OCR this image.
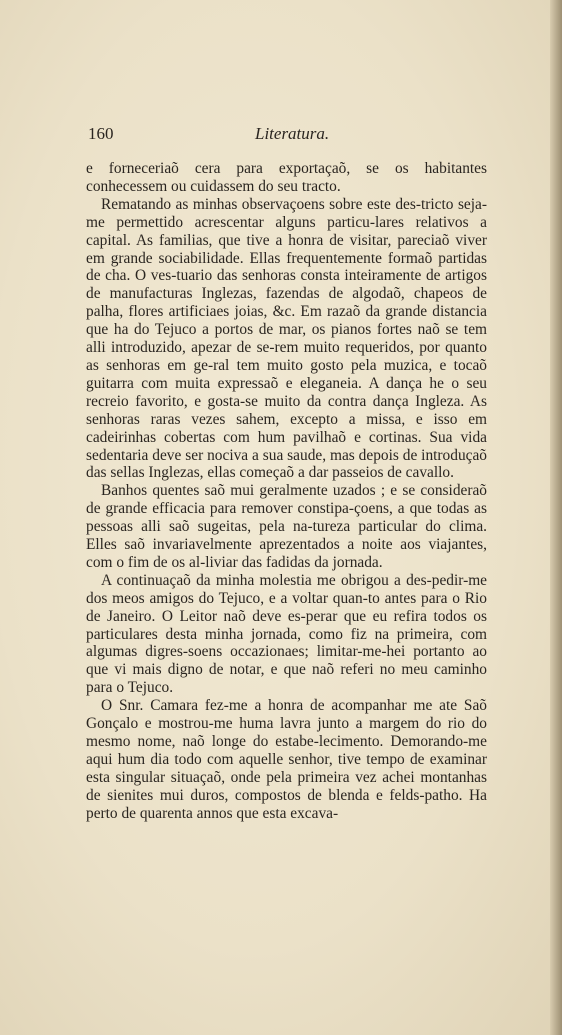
160	Literatura.

e forneceriaõ cera para exportaçaõ, se os habitantes conhecessem ou cuidassem do seu tracto.

Rematando as minhas observaçoens sobre este des-tricto seja-me permettido acrescentar alguns particu-lares relativos a capital. As familias, que tive a honra de visitar, pareciaõ viver em grande sociabilidade. Ellas frequentemente formaõ partidas de cha. O ves-tuario das senhoras consta inteiramente de artigos de manufacturas Inglezas, fazendas de algodaõ, chapeos de palha, flores artificiaes joias, &c. Em razaõ da grande distancia que ha do Tejuco a portos de mar, os pianos fortes naõ se tem alli introduzido, apezar de se-rem muito requeridos, por quanto as senhoras em ge-ral tem muito gosto pela muzica, e tocaõ guitarra com muita expressaõ e eleganeia. A dança he o seu recreio favorito, e gosta-se muito da contra dança Ingleza. As senhoras raras vezes sahem, excepto a missa, e isso em cadeirinhas cobertas com hum pavilhaõ e cortinas. Sua vida sedentaria deve ser nociva a sua saude, mas depois de introduçaõ das sellas Inglezas, ellas começaõ a dar passeios de cavallo.

Banhos quentes saõ mui geralmente uzados ; e se consideraõ de grande efficacia para remover constipa-çoens, a que todas as pessoas alli saõ sugeitas, pela na-tureza particular do clima. Elles saõ invariavelmente aprezentados a noite aos viajantes, com o fim de os al-liviar das fadidas da jornada.

A continuaçaõ da minha molestia me obrigou a des-pedir-me dos meos amigos do Tejuco, e a voltar quan-to antes para o Rio de Janeiro. O Leitor naõ deve es-perar que eu refira todos os particulares desta minha jornada, como fiz na primeira, com algumas digres-soens occazionaes; limitar-me-hei portanto ao que vi mais digno de notar, e que naõ referi no meu caminho para o Tejuco.

O Snr. Camara fez-me a honra de acompanhar me ate Saõ Gonçalo e mostrou-me huma lavra junto a margem do rio do mesmo nome, naõ longe do estabe-lecimento. Demorando-me aqui hum dia todo com aquelle senhor, tive tempo de examinar esta singular situaçaõ, onde pela primeira vez achei montanhas de sienites mui duros, compostos de blenda e felds-patho. Ha perto de quarenta annos que esta excava-
